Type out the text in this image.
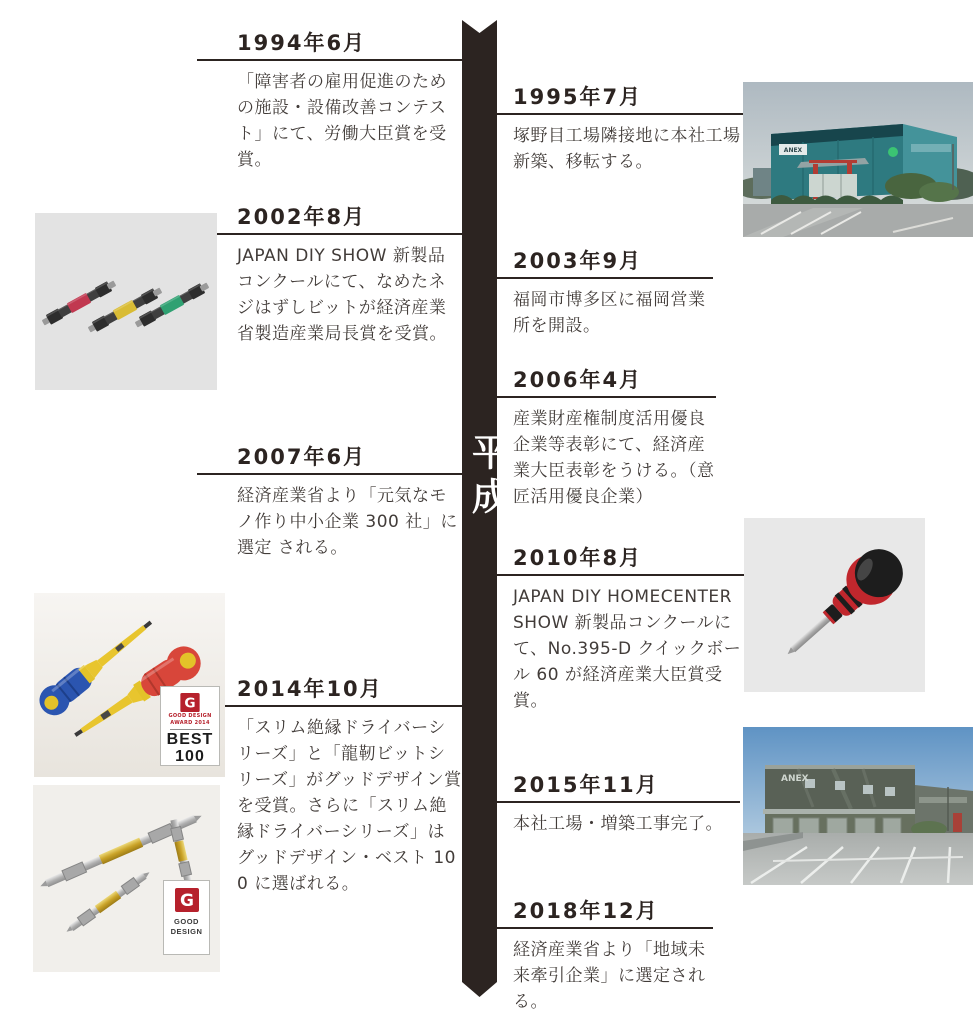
平成
1994年6月

「障害者の雇用促進のための施設・設備改善コンテスト」にて、労働大臣賞を受賞。

2002年8月

JAPAN DIY SHOW 新製品コンクールにて、なめたネジはずしビットが経済産業省製造産業局長賞を受賞。

2007年6月

経済産業省より「元気なモノ作り中小企業 300 社」に選定 される。

2014年10月

「スリム絶縁ドライバーシリーズ」と「龍靭ビットシリーズ」がグッドデザイン賞を受賞。さらに「スリム絶縁ドライバーシリーズ」はグッドデザイン・ベスト 100 に選ばれる。

1995年7月

塚野目工場隣接地に本社工場新築、移転する。

2003年9月

福岡市博多区に福岡営業所を開設。

2006年4月

産業財産権制度活用優良企業等表彰にて、経済産業大臣表彰をうける。（意匠活用優良企業）

2010年8月

JAPAN DIY HOMECENTER SHOW 新製品コンクールにて、No.395-D クイックボール 60 が経済産業大臣賞受賞。

2015年11月

本社工場・増築工事完了。

2018年12月

経済産業省より「地域未来牽引企業」に選定される。

ANEX
ANEX
G
GOOD DESIGN
AWARD 2014
BEST
100
G
GOOD
DESIGN
